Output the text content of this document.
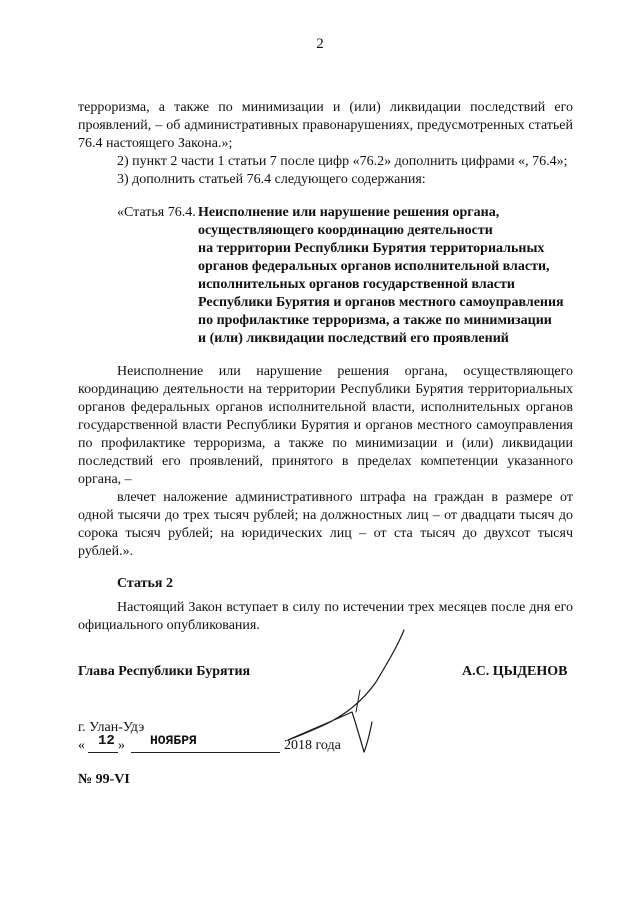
2
терроризма, а также по минимизации и (или) ликвидации последствий его
проявлений, – об административных правонарушениях, предусмотренных статьей
76.4 настоящего Закона.»;
2) пункт 2 части 1 статьи 7 после цифр «76.2» дополнить цифрами «, 76.4»;
3) дополнить статьей 76.4 следующего содержания:
«Статья 76.4. Неисполнение или нарушение решения органа,
осуществляющего координацию деятельности
на территории Республики Бурятия территориальных
органов федеральных органов исполнительной власти,
исполнительных органов государственной власти
Республики Бурятия и органов местного самоуправления
по профилактике терроризма, а также по минимизации
и (или) ликвидации последствий его проявлений
Неисполнение или нарушение решения органа, осуществляющего
координацию деятельности на территории Республики Бурятия территориальных
органов федеральных органов исполнительной власти, исполнительных органов
государственной власти Республики Бурятия и органов местного самоуправления
по профилактике терроризма, а также по минимизации и (или) ликвидации
последствий его проявлений, принятого в пределах компетенции указанного
органа, –
влечет наложение административного штрафа на граждан в размере от
одной тысячи до трех тысяч рублей; на должностных лиц – от двадцати тысяч до
сорока тысяч рублей; на юридических лиц – от ста тысяч до двухсот тысяч
рублей.».
Статья 2
Настоящий Закон вступает в силу по истечении трех месяцев после дня его
официального опубликования.
Глава Республики Бурятия	А.С. ЦЫДЕНОВ
г. Улан-Удэ
« 12 » НОЯБРЯ	2018 года
№ 99-VI
